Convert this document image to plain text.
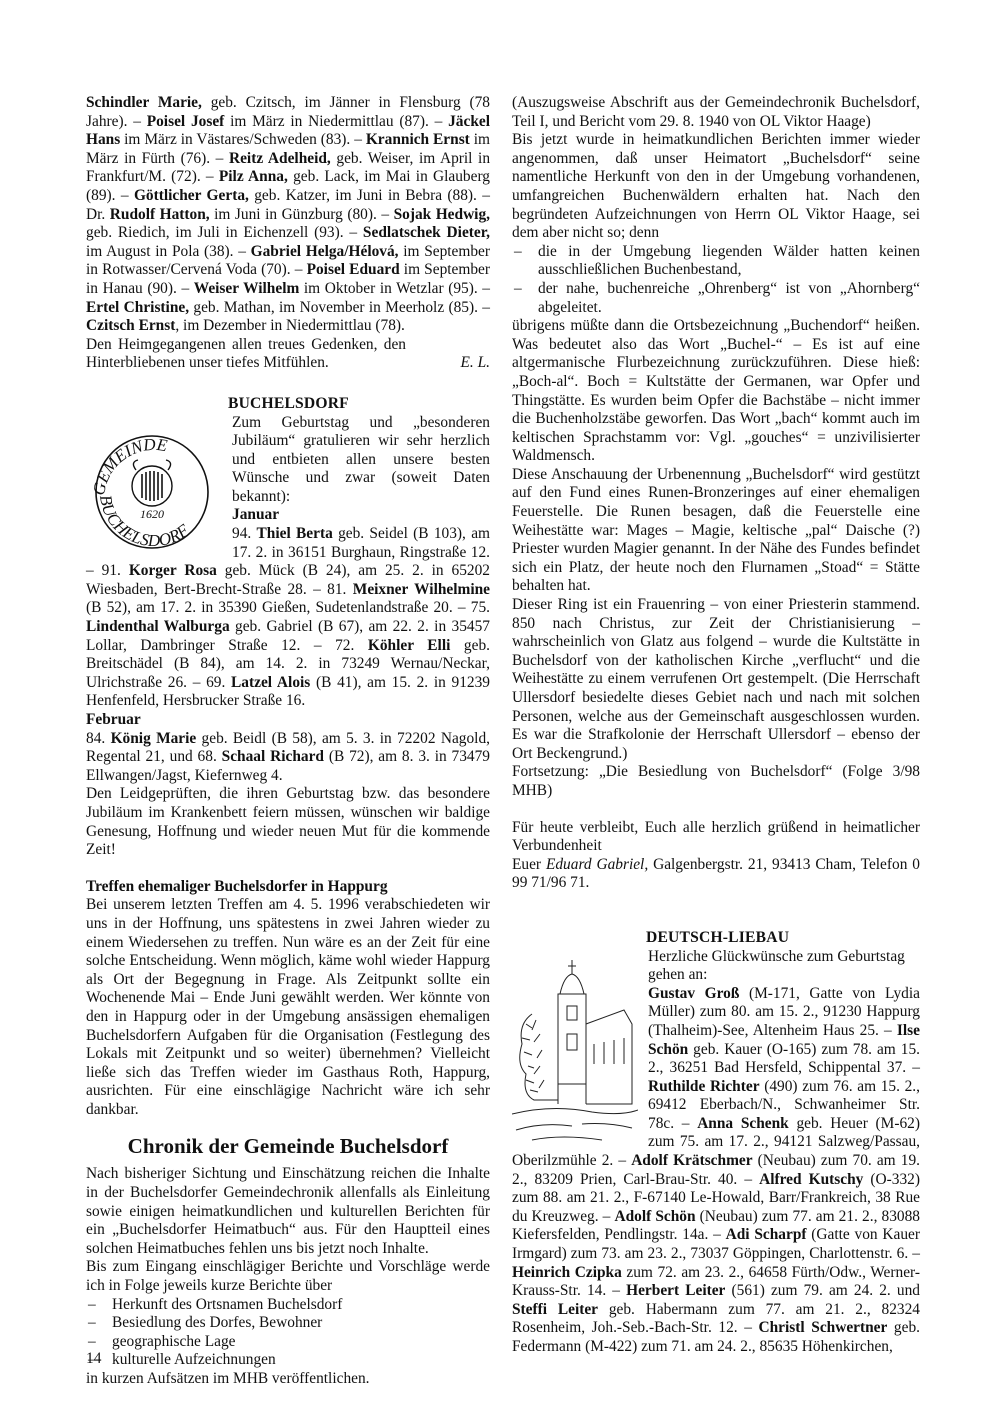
Schindler Marie, geb. Czitsch, im Jänner in Flensburg (78 Jahre). – Poisel Josef im März in Niedermittlau (87). – Jäckel Hans im März in Västares/Schweden (83). – Krannich Ernst im März in Fürth (76). – Reitz Adelheid, geb. Weiser, im April in Frankfurt/M. (72). – Pilz Anna, geb. Lack, im Mai in Glauberg (89). – Göttlicher Gerta, geb. Katzer, im Juni in Bebra (88). – Dr. Rudolf Hatton, im Juni in Günzburg (80). – Sojak Hedwig, geb. Riedich, im Juli in Eichenzell (93). – Sedlatschek Dieter, im August in Pola (38). – Gabriel Helga/Hélová, im September in Rotwasser/Cervená Voda (70). – Poisel Eduard im September in Hanau (90). – Weiser Wilhelm im Oktober in Wetzlar (95). – Ertel Christine, geb. Mathan, im November in Meerholz (85). – Czitsch Ernst, im Dezember in Niedermittlau (78).

Den Heimgegangenen allen treues Gedenken, den Hinterbliebenen unser tiefes Mitfühlen.	E. L.
BUCHELSDORF
GEMEINDE
BUCHELSDORF
1620

Zum Geburtstag und „besonderen Jubiläum“ gratulieren wir sehr herzlich und entbieten allen unsere besten Wünsche und zwar (soweit Daten bekannt):

Januar

94. Thiel Berta geb. Seidel (B 103), am 17. 2. in 36151 Burghaun, Ringstraße 12. – 91. Korger Rosa geb. Mück (B 24), am 25. 2. in 65202 Wiesbaden, Bert-Brecht-Straße 28. – 81. Meixner Wilhelmine (B 52), am 17. 2. in 35390 Gießen, Sudetenlandstraße 20. – 75. Lindenthal Walburga geb. Gabriel (B 67), am 22. 2. in 35457 Lollar, Dambringer Straße 12. – 72. Köhler Elli geb. Breitschädel (B 84), am 14. 2. in 73249 Wernau/Neckar, Ulrichstraße 26. – 69. Latzel Alois (B 41), am 15. 2. in 91239 Henfenfeld, Hersbrucker Straße 16.

Februar

84. König Marie geb. Beidl (B 58), am 5. 3. in 72202 Nagold, Regental 21, und 68. Schaal Richard (B 72), am 8. 3. in 73479 Ellwangen/Jagst, Kiefernweg 4.

Den Leidgeprüften, die ihren Geburtstag bzw. das besondere Jubiläum im Krankenbett feiern müssen, wünschen wir baldige Genesung, Hoffnung und wieder neuen Mut für die kommende Zeit!

Treffen ehemaliger Buchelsdorfer in Happurg

Bei unserem letzten Treffen am 4. 5. 1996 verabschiedeten wir uns in der Hoffnung, uns spätestens in zwei Jahren wieder zu einem Wiedersehen zu treffen. Nun wäre es an der Zeit für eine solche Entscheidung. Wenn möglich, käme wohl wieder Happurg als Ort der Begegnung in Frage. Als Zeitpunkt sollte ein Wochenende Mai – Ende Juni gewählt werden. Wer könnte von den in Happurg oder in der Umgebung ansässigen ehemaligen Buchelsdorfern Aufgaben für die Organisation (Festlegung des Lokals mit Zeitpunkt und so weiter) übernehmen? Vielleicht ließe sich das Treffen wieder im Gasthaus Roth, Happurg, ausrichten. Für eine einschlägige Nachricht wäre ich sehr dankbar.

Chronik der Gemeinde Buchelsdorf

Nach bisheriger Sichtung und Einschätzung reichen die Inhalte in der Buchelsdorfer Gemeindechronik allenfalls als Einleitung sowie einigen heimatkundlichen und kulturellen Berichten für ein „Buchelsdorfer Heimatbuch“ aus. Für den Hauptteil eines solchen Heimatbuches fehlen uns bis jetzt noch Inhalte.

Bis zum Eingang einschlägiger Berichte und Vorschläge werde ich in Folge jeweils kurze Berichte über

– Herkunft des Ortsnamen Buchelsdorf
– Besiedlung des Dorfes, Bewohner
– geographische Lage
– kulturelle Aufzeichnungen

in kurzen Aufsätzen im MHB veröffentlichen.

(Auszugsweise Abschrift aus der Gemeindechronik Buchelsdorf, Teil I, und Bericht vom 29. 8. 1940 von OL Viktor Haage)

Bis jetzt wurde in heimatkundlichen Berichten immer wieder angenommen, daß unser Heimatort „Buchelsdorf“ seine namentliche Herkunft von den in der Umgebung vorhandenen, umfangreichen Buchenwäldern erhalten hat. Nach den begründeten Aufzeichnungen von Herrn OL Viktor Haage, sei dem aber nicht so; denn

– die in der Umgebung liegenden Wälder hatten keinen ausschließlichen Buchenbestand,
– der nahe, buchenreiche „Ohrenberg“ ist von „Ahornberg“ abgeleitet.

übrigens müßte dann die Ortsbezeichnung „Buchendorf“ heißen. Was bedeutet also das Wort „Buchel-“ – Es ist auf eine altgermanische Flurbezeichnung zurückzuführen. Diese hieß: „Boch-al“. Boch = Kultstätte der Germanen, war Opfer und Thingstätte. Es wurden beim Opfer die Bachstäbe – nicht immer die Buchenholzstäbe geworfen. Das Wort „bach“ kommt auch im keltischen Sprachstamm vor: Vgl. „gouches“ = unzivilisierter Waldmensch.

Diese Anschauung der Urbenennung „Buchelsdorf“ wird gestützt auf den Fund eines Runen-Bronzeringes auf einer ehemaligen Feuerstelle. Die Runen besagen, daß die Feuerstelle eine Weihestätte war: Mages – Magie, keltische „pal“ Daische (?) Priester wurden Magier genannt. In der Nähe des Fundes befindet sich ein Platz, der heute noch den Flurnamen „Stoad“ = Stätte behalten hat.

Dieser Ring ist ein Frauenring – von einer Priesterin stammend. 850 nach Christus, zur Zeit der Christianisierung – wahrscheinlich von Glatz aus folgend – wurde die Kultstätte in Buchelsdorf von der katholischen Kirche „verflucht“ und die Weihestätte zu einem verrufenen Ort gestempelt. (Die Herrschaft Ullersdorf besiedelte dieses Gebiet nach und nach mit solchen Personen, welche aus der Gemeinschaft ausgeschlossen wurden. Es war die Strafkolonie der Herrschaft Ullersdorf – ebenso der Ort Beckengrund.)

Fortsetzung: „Die Besiedlung von Buchelsdorf“ (Folge 3/98 MHB)

Für heute verbleibt, Euch alle herzlich grüßend in heimatlicher Verbundenheit

Euer Eduard Gabriel, Galgenbergstr. 21, 93413 Cham, Telefon 0 99 71/96 71.

DEUTSCH-LIEBAU

Herzliche Glückwünsche zum Geburtstag gehen an:

Gustav Groß (M-171, Gatte von Lydia Müller) zum 80. am 15. 2., 91230 Happurg (Thalheim)-See, Altenheim Haus 25. – Ilse Schön geb. Kauer (O-165) zum 78. am 15. 2., 36251 Bad Hersfeld, Schippental 37. – Ruthilde Richter (490) zum 76. am 15. 2., 69412 Eberbach/N., Schwanheimer Str. 78c. – Anna Schenk geb. Heuer (M-62) zum 75. am 17. 2., 94121 Salzweg/Passau, Oberilzmühle 2. – Adolf Krätschmer (Neubau) zum 70. am 19. 2., 83209 Prien, Carl-Brau-Str. 40. – Alfred Kutschy (O-332) zum 88. am 21. 2., F-67140 Le-Howald, Barr/Frankreich, 38 Rue du Kreuzweg. – Adolf Schön (Neubau) zum 77. am 21. 2., 83088 Kiefersfelden, Pendlingstr. 14a. – Adi Scharpf (Gatte von Kauer Irmgard) zum 73. am 23. 2., 73037 Göppingen, Charlottenstr. 6. – Heinrich Czipka zum 72. am 23. 2., 64658 Fürth/Odw., Werner-Krauss-Str. 14. – Herbert Leiter (561) zum 79. am 24. 2. und Steffi Leiter geb. Habermann zum 77. am 21. 2., 82324 Rosenheim, Joh.-Seb.-Bach-Str. 12. – Christl Schwertner geb. Federmann (M-422) zum 71. am 24. 2., 85635 Höhenkirchen,

14
